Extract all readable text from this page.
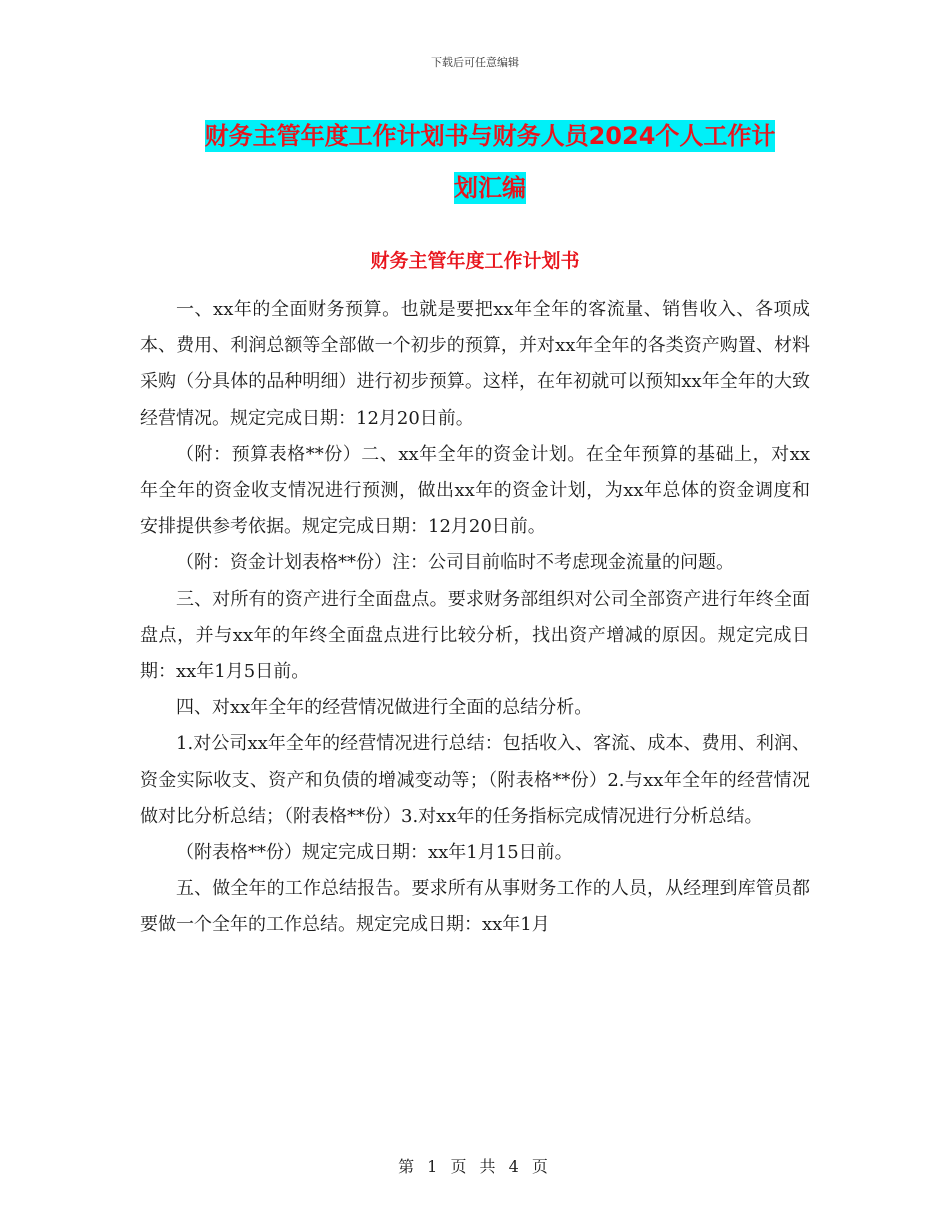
下载后可任意编辑
财务主管年度工作计划书与财务人员2024个人工作计
划汇编
财务主管年度工作计划书

一、xx年的全面财务预算。也就是要把xx年全年的客流量、销售收入、各项成本、费用、利润总额等全部做一个初步的预算，并对xx年全年的各类资产购置、材料采购（分具体的品种明细）进行初步预算。这样，在年初就可以预知xx年全年的大致经营情况。规定完成日期：12月20日前。

（附：预算表格**份）二、xx年全年的资金计划。在全年预算的基础上，对xx年全年的资金收支情况进行预测，做出xx年的资金计划，为xx年总体的资金调度和安排提供参考依据。规定完成日期：12月20日前。

（附：资金计划表格**份）注：公司目前临时不考虑现金流量的问题。

三、对所有的资产进行全面盘点。要求财务部组织对公司全部资产进行年终全面盘点，并与xx年的年终全面盘点进行比较分析，找出资产增减的原因。规定完成日期：xx年1月5日前。

四、对xx年全年的经营情况做进行全面的总结分析。

1.对公司xx年全年的经营情况进行总结：包括收入、客流、成本、费用、利润、资金实际收支、资产和负债的增减变动等；（附表格**份）2.与xx年全年的经营情况做对比分析总结；（附表格**份）3.对xx年的任务指标完成情况进行分析总结。

（附表格**份）规定完成日期：xx年1月15日前。

五、做全年的工作总结报告。要求所有从事财务工作的人员，从经理到库管员都要做一个全年的工作总结。规定完成日期：xx年1月

第 1 页 共 4 页
